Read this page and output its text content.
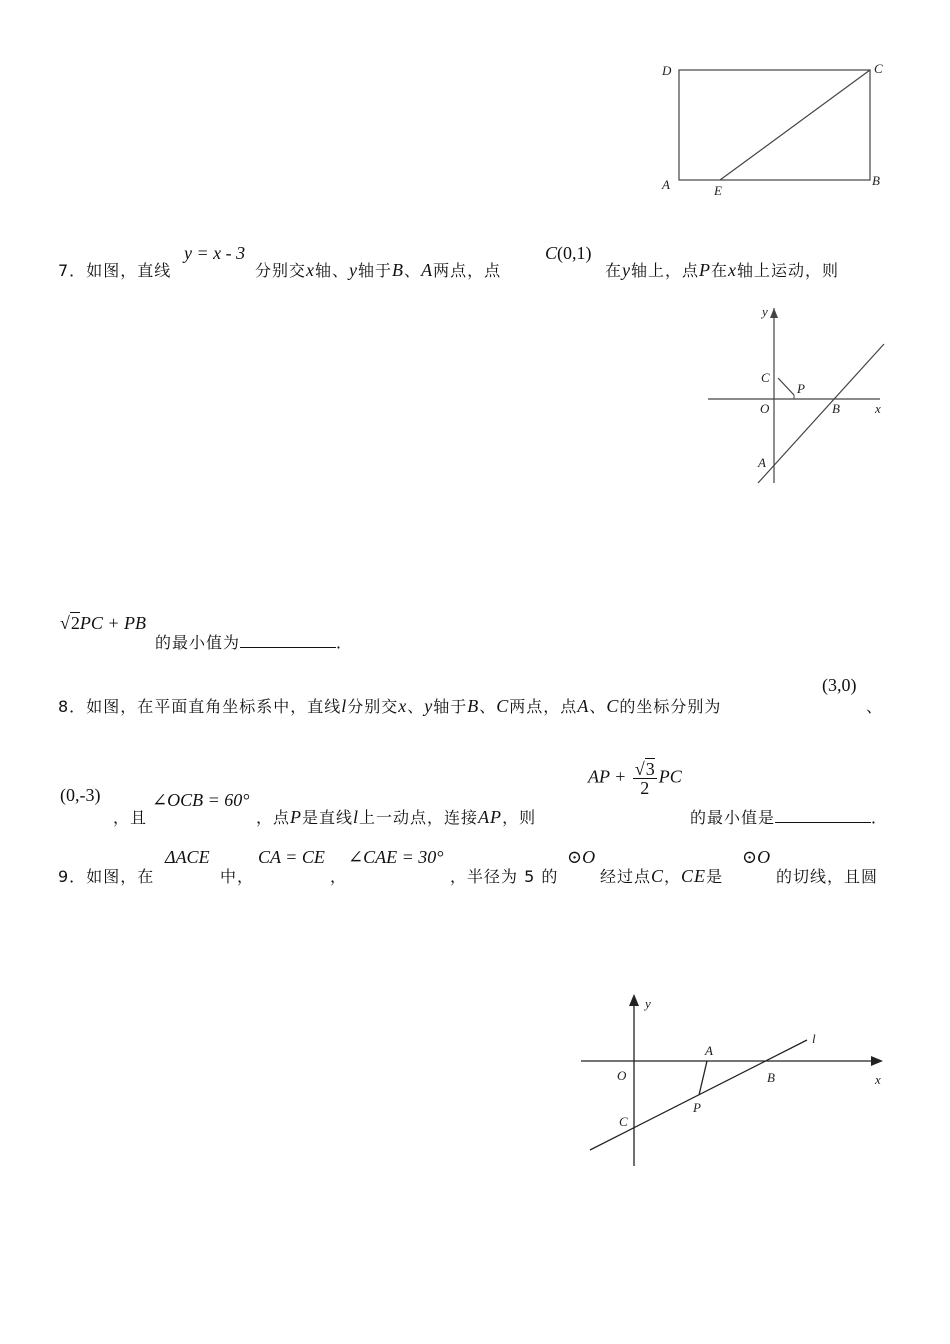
D	C
A	E
B
7．如图，直线
y = x - 3
分别交x轴、y轴于B、A两点，点
C(0,1)
在y轴上，点P在x轴上运动，则
y
C
P
O	B	x
A
√2PC + PB
的最小值为	．
8．如图，在平面直角坐标系中，直线l分别交x、y轴于B、C两点，点A、C的坐标分别为
(3,0)
、
(0,-3)
，且
∠OCB = 60°
，点P是直线l上一动点，连接AP，则
AP + $\frac{√3}{2}$ PC
的最小值是	．
9．如图，在
ΔACE
中，
CA = CE
，
∠CAE = 30°
，半径为 5 的
⊙O
经过点C，CE是
⊙O
的切线，且圆
y
A
l
O	B	x
P
C
